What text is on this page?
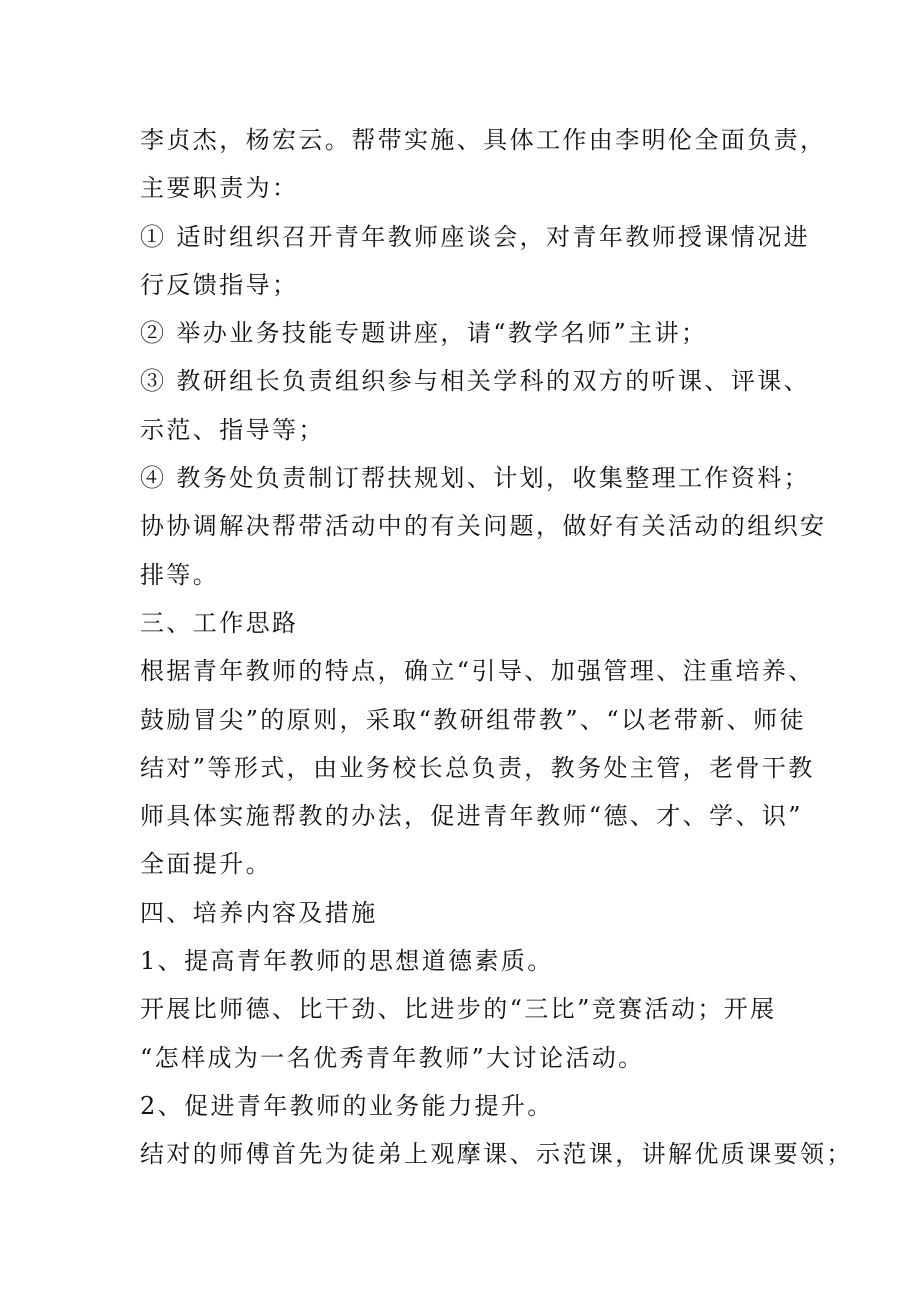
李贞杰，杨宏云。帮带实施、具体工作由李明伦全面负责，
主要职责为：
① 适时组织召开青年教师座谈会，对青年教师授课情况进
行反馈指导；
② 举办业务技能专题讲座，请“教学名师”主讲；
③ 教研组长负责组织参与相关学科的双方的听课、评课、
示范、指导等；
④ 教务处负责制订帮扶规划、计划，收集整理工作资料；
协协调解决帮带活动中的有关问题，做好有关活动的组织安
排等。
三、工作思路
根据青年教师的特点，确立“引导、加强管理、注重培养、
鼓励冒尖”的原则，采取“教研组带教”、“以老带新、师徒
结对”等形式，由业务校长总负责，教务处主管，老骨干教
师具体实施帮教的办法，促进青年教师“德、才、学、识”
全面提升。
四、培养内容及措施
1、提高青年教师的思想道德素质。
开展比师德、比干劲、比进步的“三比”竞赛活动；开展
“怎样成为一名优秀青年教师”大讨论活动。
2、促进青年教师的业务能力提升。
结对的师傅首先为徒弟上观摩课、示范课，讲解优质课要领；
